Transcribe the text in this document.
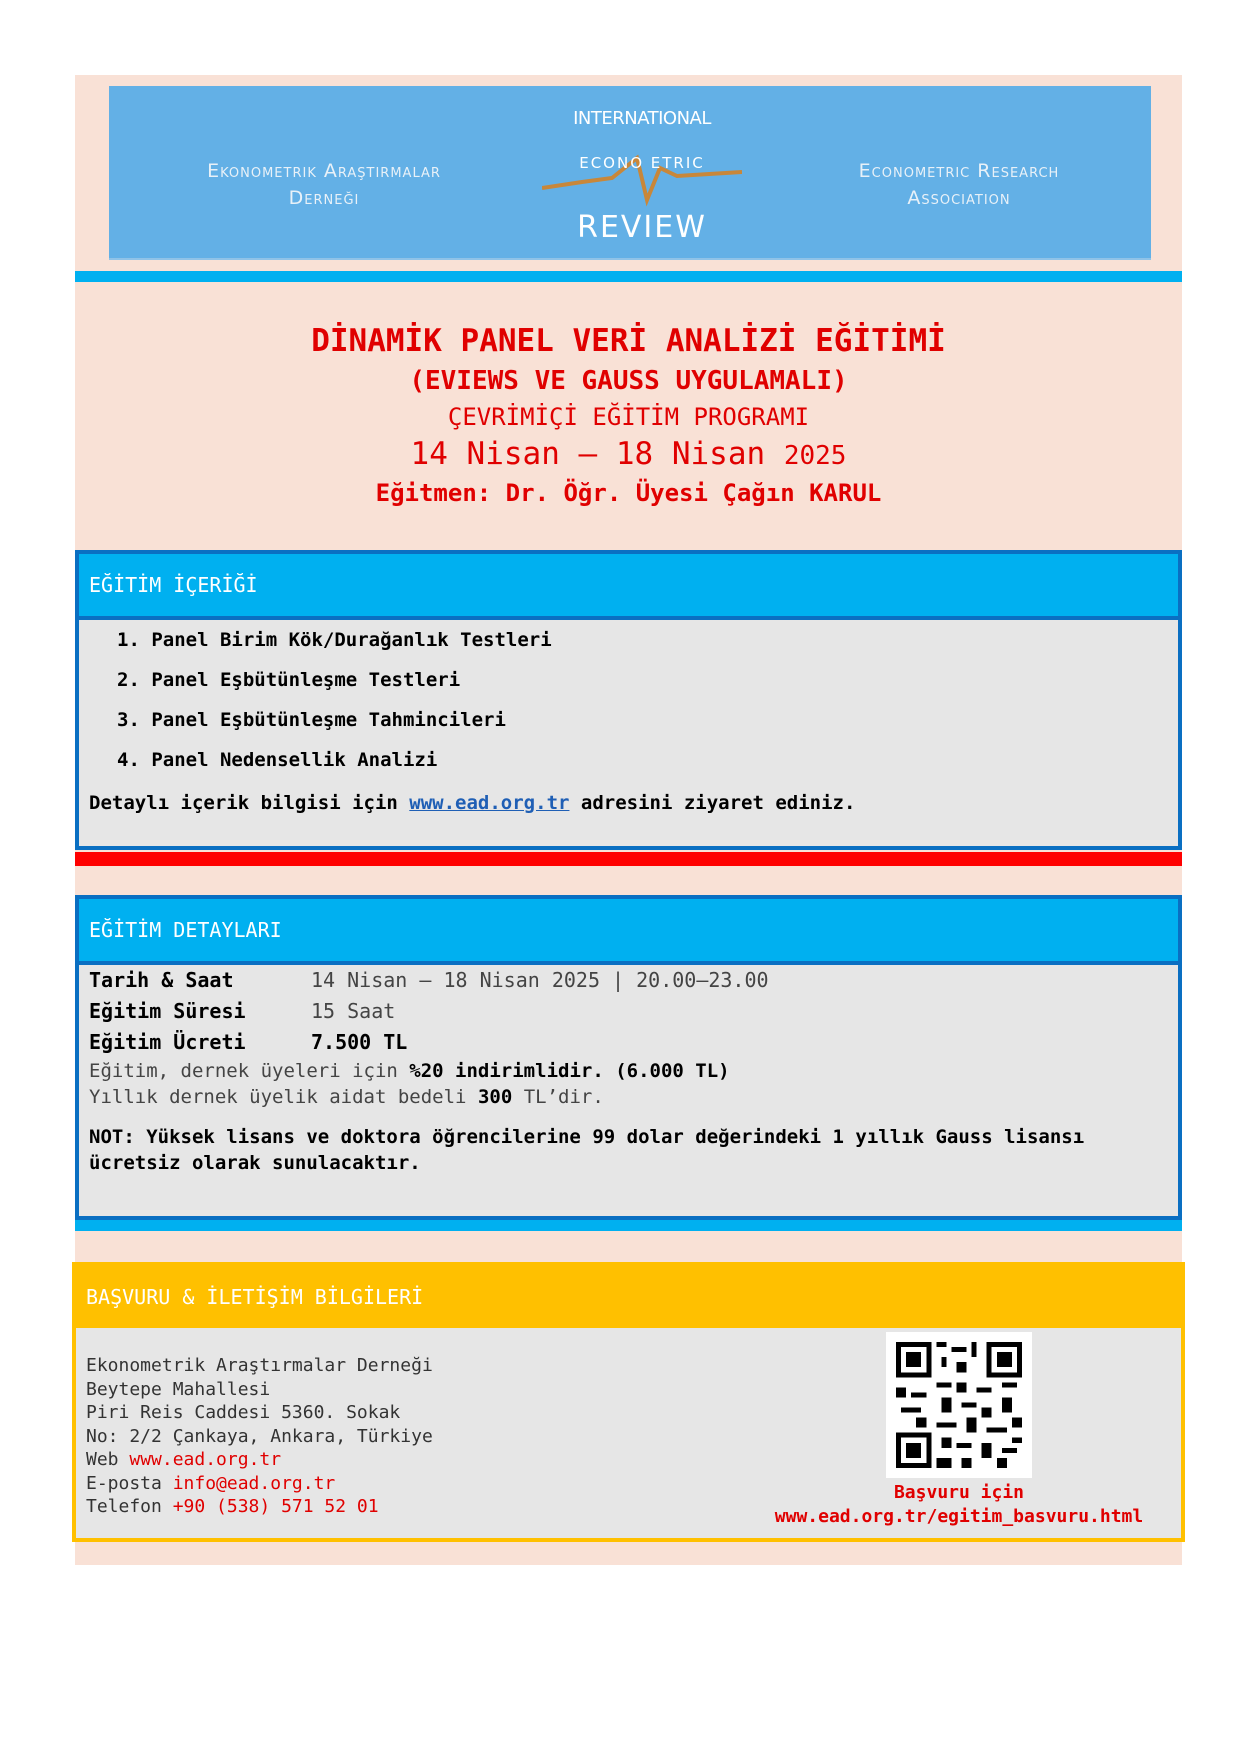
Ekonometrik Araştırmalar
Derneği
INTERNATIONAL
ECONO ETRIC
REVIEW
Econometric Research
Association
DİNAMİK PANEL VERİ ANALİZİ EĞİTİMİ
(EVIEWS VE GAUSS UYGULAMALI)
ÇEVRİMİÇİ EĞİTİM PROGRAMI
14 Nisan – 18 Nisan 2025
Eğitmen: Dr. Öğr. Üyesi Çağın KARUL
EĞİTİM İÇERİĞİ
1. Panel Birim Kök/Durağanlık Testleri
2. Panel Eşbütünleşme Testleri
3. Panel Eşbütünleşme Tahmincileri
4. Panel Nedensellik Analizi
Detaylı içerik bilgisi için www.ead.org.tr adresini ziyaret ediniz.
EĞİTİM DETAYLARI
Tarih & Saat	14 Nisan – 18 Nisan 2025 | 20.00–23.00
Eğitim Süresi	15 Saat
Eğitim Ücreti	7.500 TL
Eğitim, dernek üyeleri için %20 indirimlidir. (6.000 TL)
Yıllık dernek üyelik aidat bedeli 300 TL’dir.
NOT: Yüksek lisans ve doktora öğrencilerine 99 dolar değerindeki 1 yıllık Gauss lisansı ücretsiz olarak sunulacaktır.
BAŞVURU & İLETİŞİM BİLGİLERİ
Ekonometrik Araştırmalar Derneği
Beytepe Mahallesi
Piri Reis Caddesi 5360. Sokak
No: 2/2 Çankaya, Ankara, Türkiye
Web www.ead.org.tr
E-posta info@ead.org.tr
Telefon +90 (538) 571 52 01
Başvuru için
www.ead.org.tr/egitim_basvuru.html
